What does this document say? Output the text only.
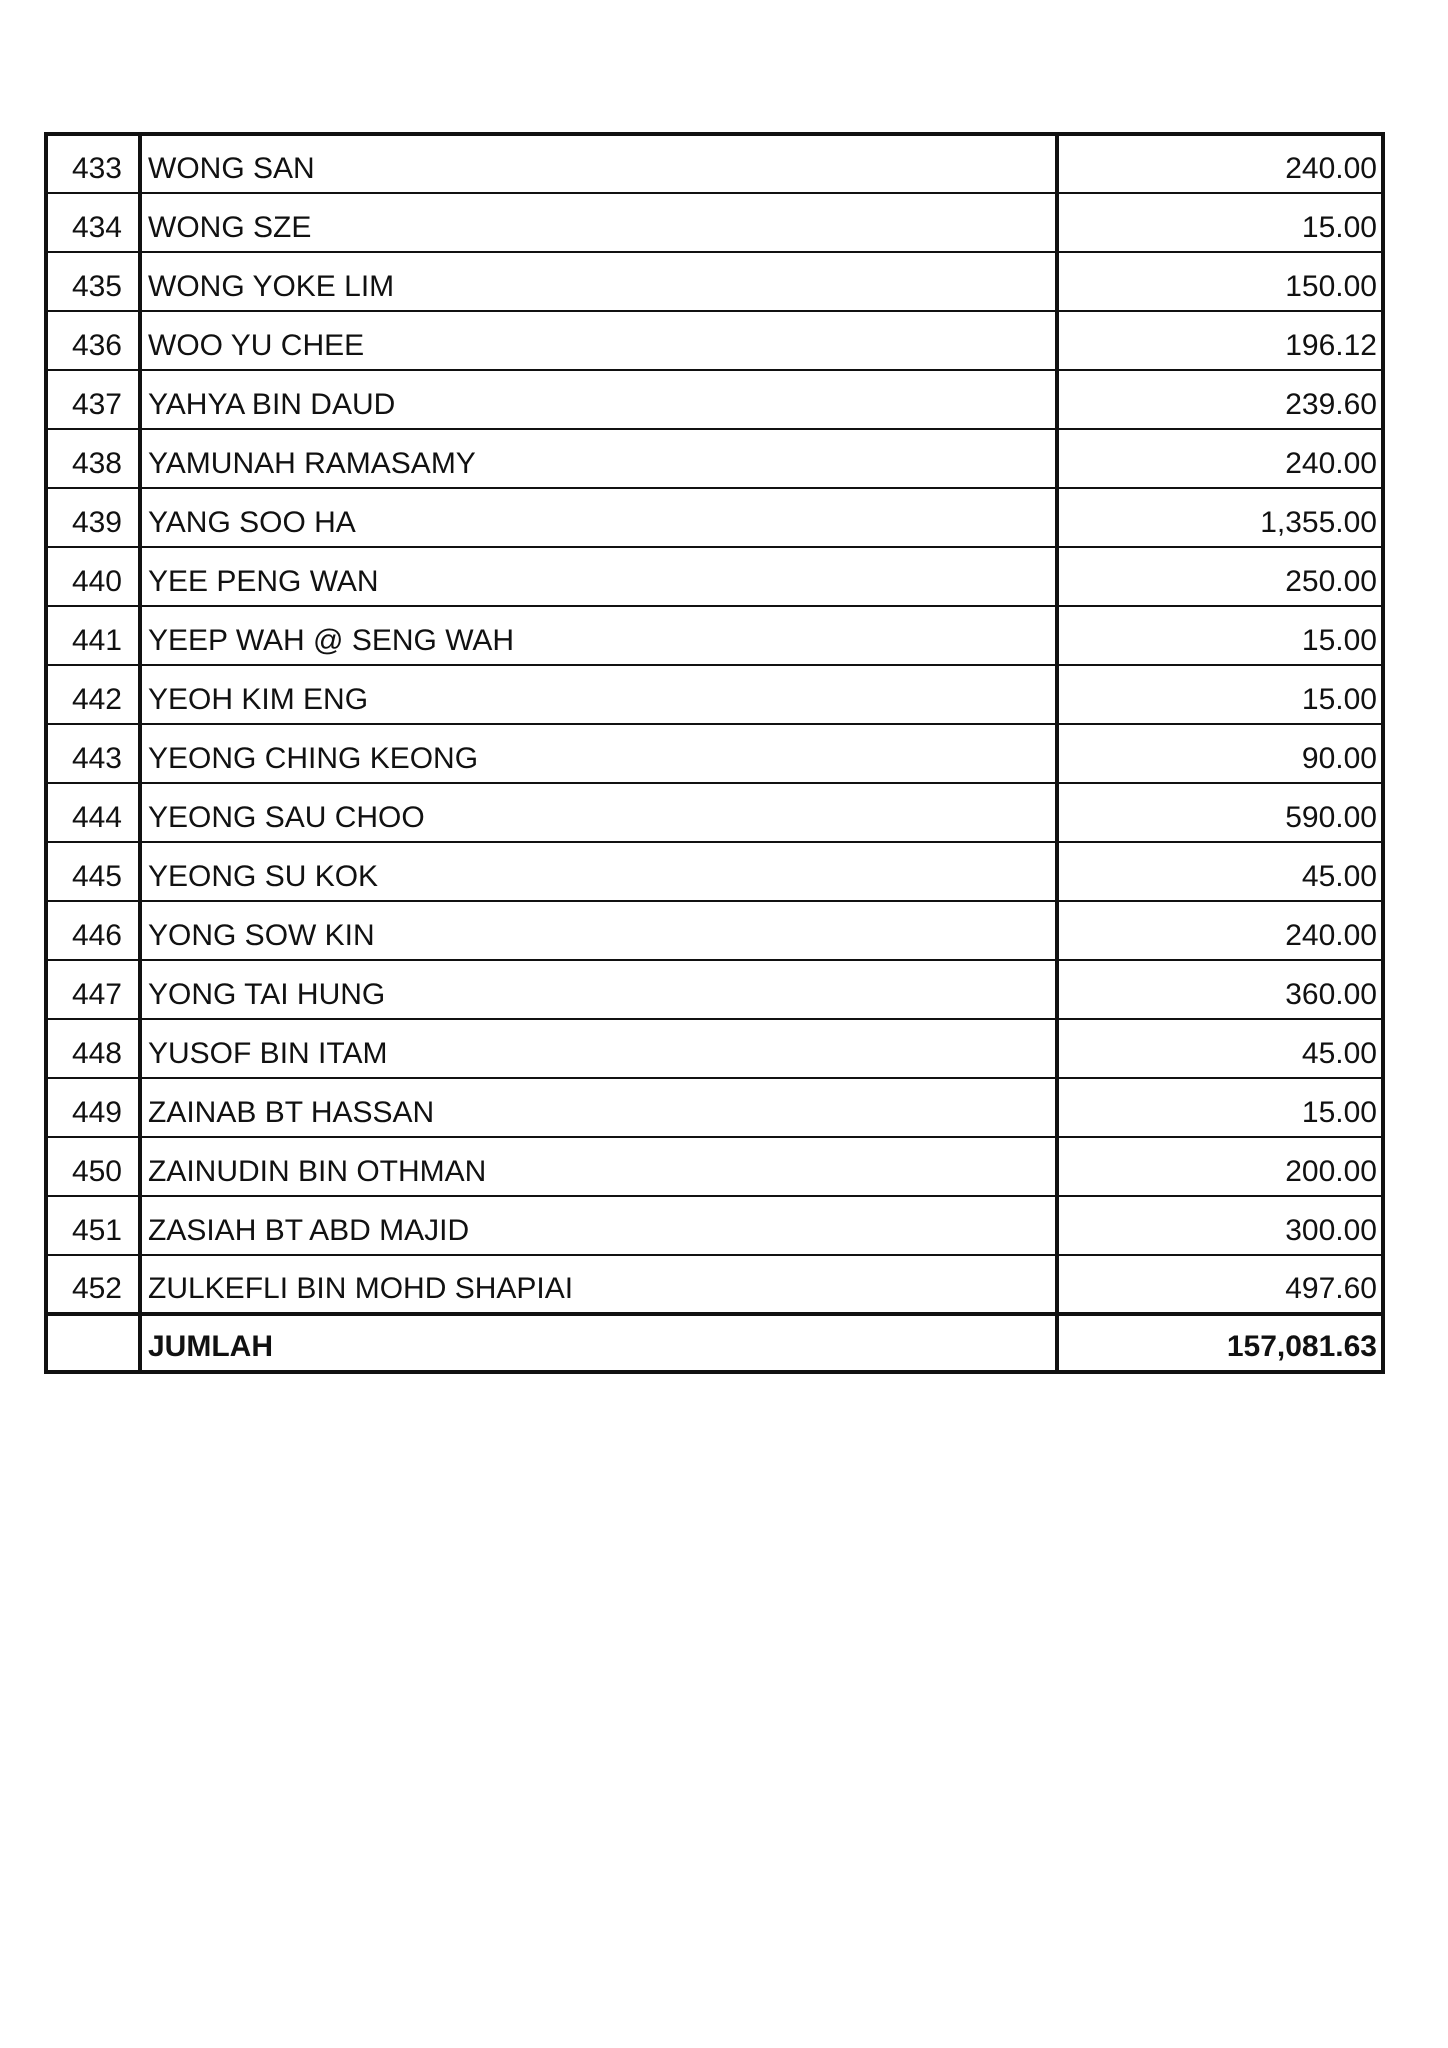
433	WONG SAN	240.00
434	WONG SZE	15.00
435	WONG YOKE LIM	150.00
436	WOO YU CHEE	196.12
437	YAHYA BIN DAUD	239.60
438	YAMUNAH RAMASAMY	240.00
439	YANG SOO HA	1,355.00
440	YEE PENG WAN	250.00
441	YEEP WAH @ SENG WAH	15.00
442	YEOH KIM ENG	15.00
443	YEONG CHING KEONG	90.00
444	YEONG SAU CHOO	590.00
445	YEONG SU KOK	45.00
446	YONG SOW KIN	240.00
447	YONG TAI HUNG	360.00
448	YUSOF BIN ITAM	45.00
449	ZAINAB BT HASSAN	15.00
450	ZAINUDIN BIN OTHMAN	200.00
451	ZASIAH BT ABD MAJID	300.00
452	ZULKEFLI BIN MOHD SHAPIAI	497.60
	JUMLAH	157,081.63
